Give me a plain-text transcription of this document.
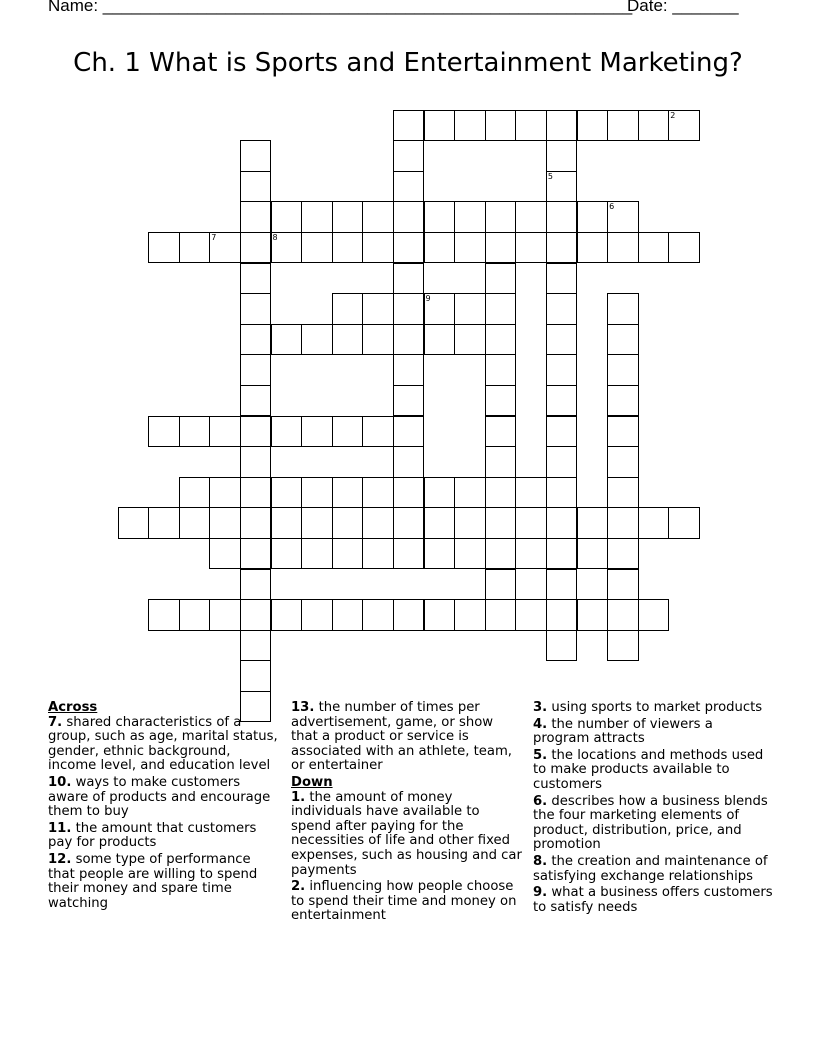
Name: ________________________________________________________
Date: _______
Ch. 1 What is Sports and Entertainment Marketing?
7	8
6
9
2
5
Across
7. shared characteristics of a group, such as age, marital status, gender, ethnic background, income level, and education level
10. ways to make customers aware of products and encourage them to buy
11. the amount that customers pay for products
12. some type of performance that people are willing to spend their money and spare time watching
13. the number of times per advertisement, game, or show that a product or service is associated with an athlete, team, or entertainer
Down
1. the amount of money individuals have available to spend after paying for the necessities of life and other fixed expenses, such as housing and car payments
2. influencing how people choose to spend their time and money on entertainment
3. using sports to market products
4. the number of viewers a program attracts
5. the locations and methods used to make products available to customers
6. describes how a business blends the four marketing elements of product, distribution, price, and promotion
8. the creation and maintenance of satisfying exchange relationships
9. what a business offers customers to satisfy needs
